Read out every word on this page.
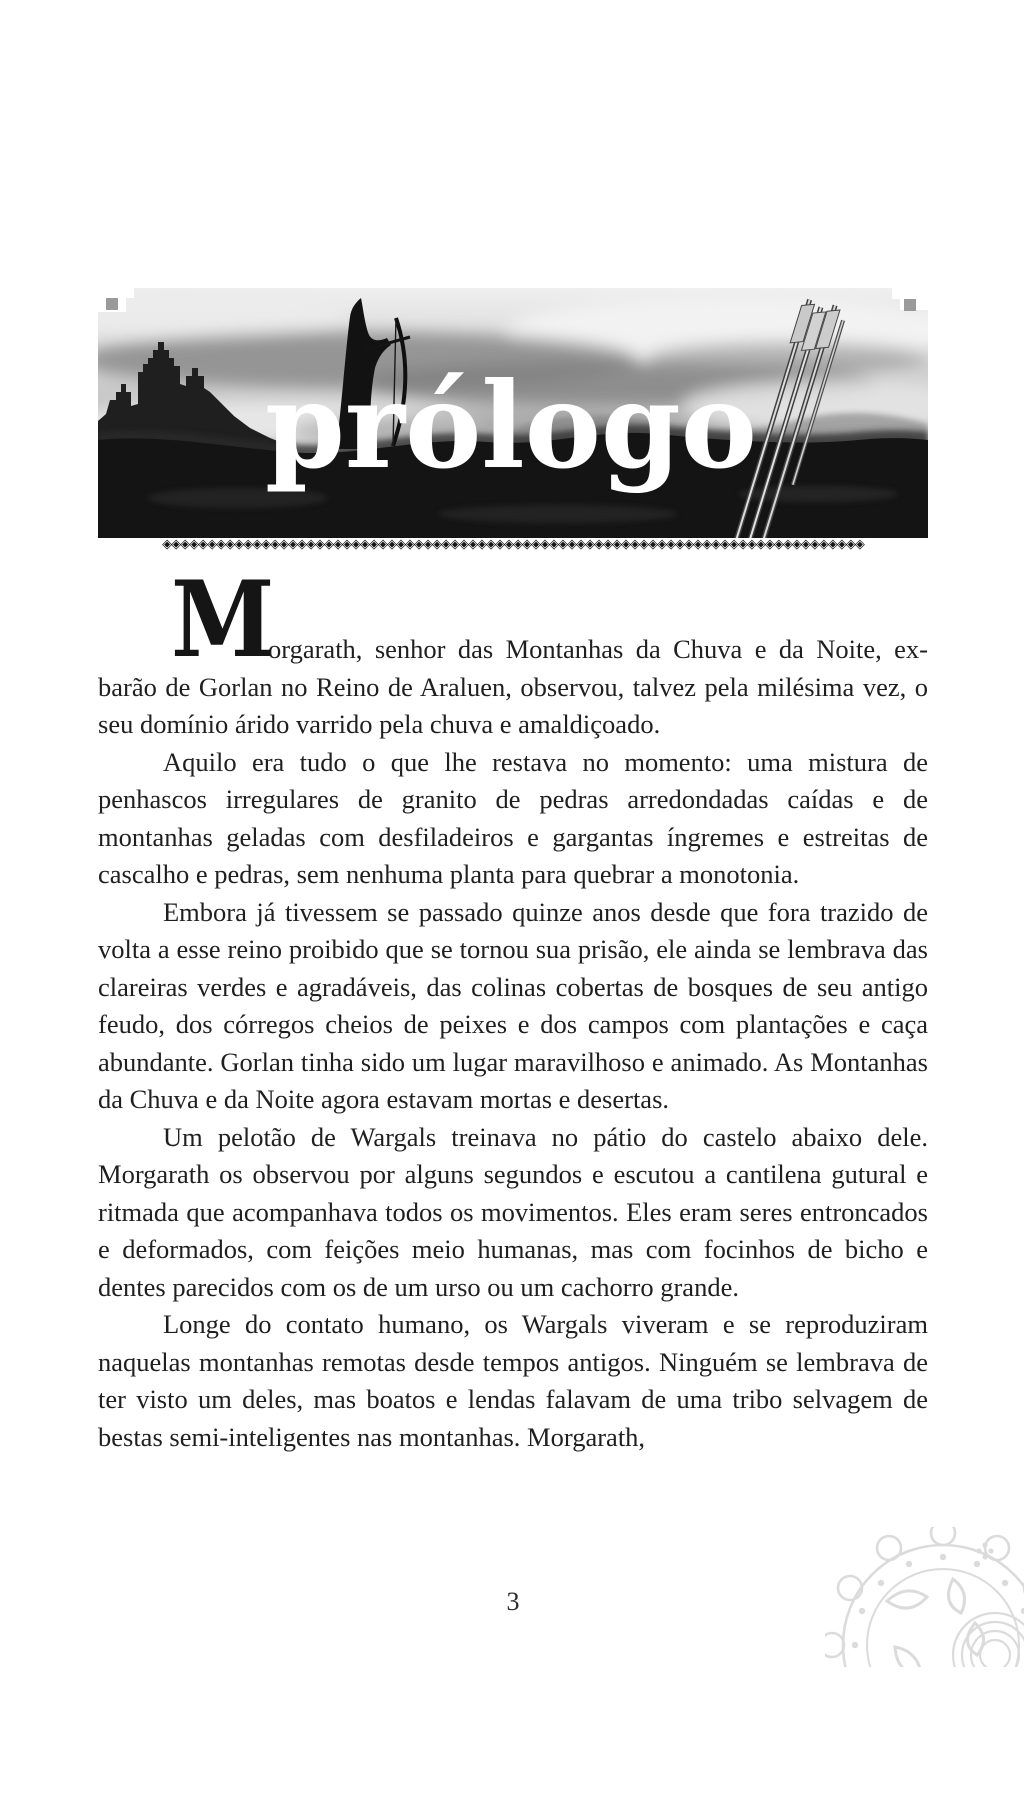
prólogo
◈◈◈◈◈◈◈◈◈◈◈◈◈◈◈◈◈◈◈◈◈◈◈◈◈◈◈◈◈◈◈◈◈◈◈◈◈◈◈◈◈◈◈◈◈◈◈◈◈◈◈◈◈◈◈◈◈◈◈◈◈◈◈◈◈◈◈◈◈◈◈◈◈◈◈◈◈◈
M

orgarath, senhor das Montanhas da Chuva e da Noite, ex-barão de Gorlan no Reino de Araluen, observou, talvez pela milésima vez, o seu domínio árido varrido pela chuva e amaldiçoado.

Aquilo era tudo o que lhe restava no momento: uma mistura de penhascos irregulares de granito de pedras arredondadas caídas e de montanhas geladas com desfiladeiros e gargantas íngremes e estreitas de cascalho e pedras, sem nenhuma planta para quebrar a monotonia.

Embora já tivessem se passado quinze anos desde que fora trazido de volta a esse reino proibido que se tornou sua prisão, ele ainda se lembrava das clareiras verdes e agradáveis, das colinas cobertas de bosques de seu antigo feudo, dos córregos cheios de peixes e dos campos com plantações e caça abundante. Gorlan tinha sido um lugar maravilhoso e animado. As Montanhas da Chuva e da Noite agora estavam mortas e desertas.

Um pelotão de Wargals treinava no pátio do castelo abaixo dele. Morgarath os observou por alguns segundos e escutou a cantilena gutural e ritmada que acompanhava todos os movimentos. Eles eram seres entroncados e deformados, com feições meio humanas, mas com focinhos de bicho e dentes parecidos com os de um urso ou um cachorro grande.

Longe do contato humano, os Wargals viveram e se reproduziram naquelas montanhas remotas desde tempos antigos. Ninguém se lembrava de ter visto um deles, mas boatos e lendas falavam de uma tribo selvagem de bestas semi-inteligentes nas montanhas. Morgarath,

3
